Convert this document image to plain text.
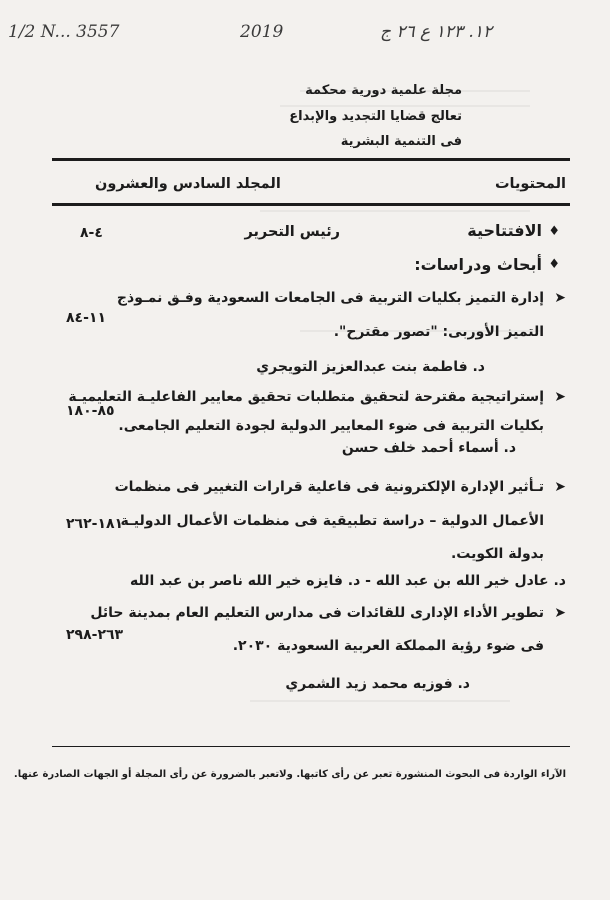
1/2 N... 3557	2019	١٢. ١٢٣ ع ٢٦ ج
مجلة علمية دورية محكمة
تعالج قضايا التجديد والإبداع
فى التنمية البشرية
المحتويات
المجلد السادس والعشرون
♦
الافتتاحية
رئيس التحرير
٤-٨
♦
أبحاث ودراسات:
➤
إدارة التميز بكليات التربية فى الجامعات السعودية وفـق نمـوذج
التميز الأوربى: "تصور مقترح".
د. فاطمة بنت عبدالعزيز التويجري
١١-٨٤
➤
إستراتيجية مقترحة لتحقيق متطلبات تحقيق معايير الفاعليـة التعليميـة
بكليات التربية فى ضوء المعايير الدولية لجودة التعليم الجامعى.
د. أسماء أحمد خلف حسن
٨٥-١٨٠
➤
تـأثير الإدارة الإلكترونية فى فاعلية قرارات التغيير فى منظمات
الأعمال الدولية – دراسة تطبيقية فى منظمات الأعمال الدوليـة
بدولة الكويت.
د. عادل خير الله بن عبد الله - د. فايزه خير الله ناصر بن عبد الله
١٨١-٢٦٢
➤
تطوير الأداء الإدارى للقائدات فى مدارس التعليم العام بمدينة حائل
فى ضوء رؤية المملكة العربية السعودية ٢٠٣٠.
د. فوزيه محمد زيد الشمري
٢٦٣-٢٩٨
الآراء الواردة فى البحوث المنشورة تعبر عن رأى كاتبها. ولاتعبر بالضرورة عن رأى المجلة أو الجهات الصادرة عنها.
